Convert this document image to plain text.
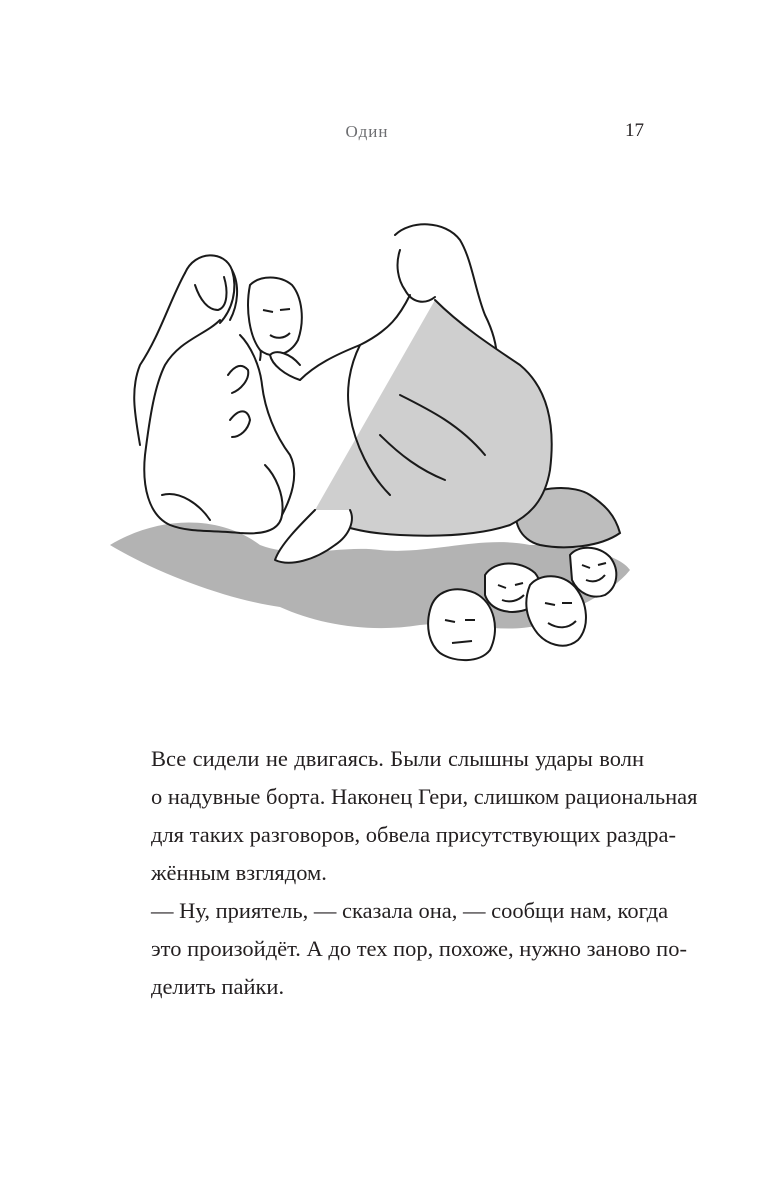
Один	17
Все сидели не двигаясь. Были слышны удары волн
о надувные борта. Наконец Гери, слишком рациональная
для таких разговоров, обвела присутствующих раздра-
жённым взглядом.
— Ну, приятель, — сказала она, — сообщи нам, когда
это произойдёт. А до тех пор, похоже, нужно заново по-
делить пайки.
